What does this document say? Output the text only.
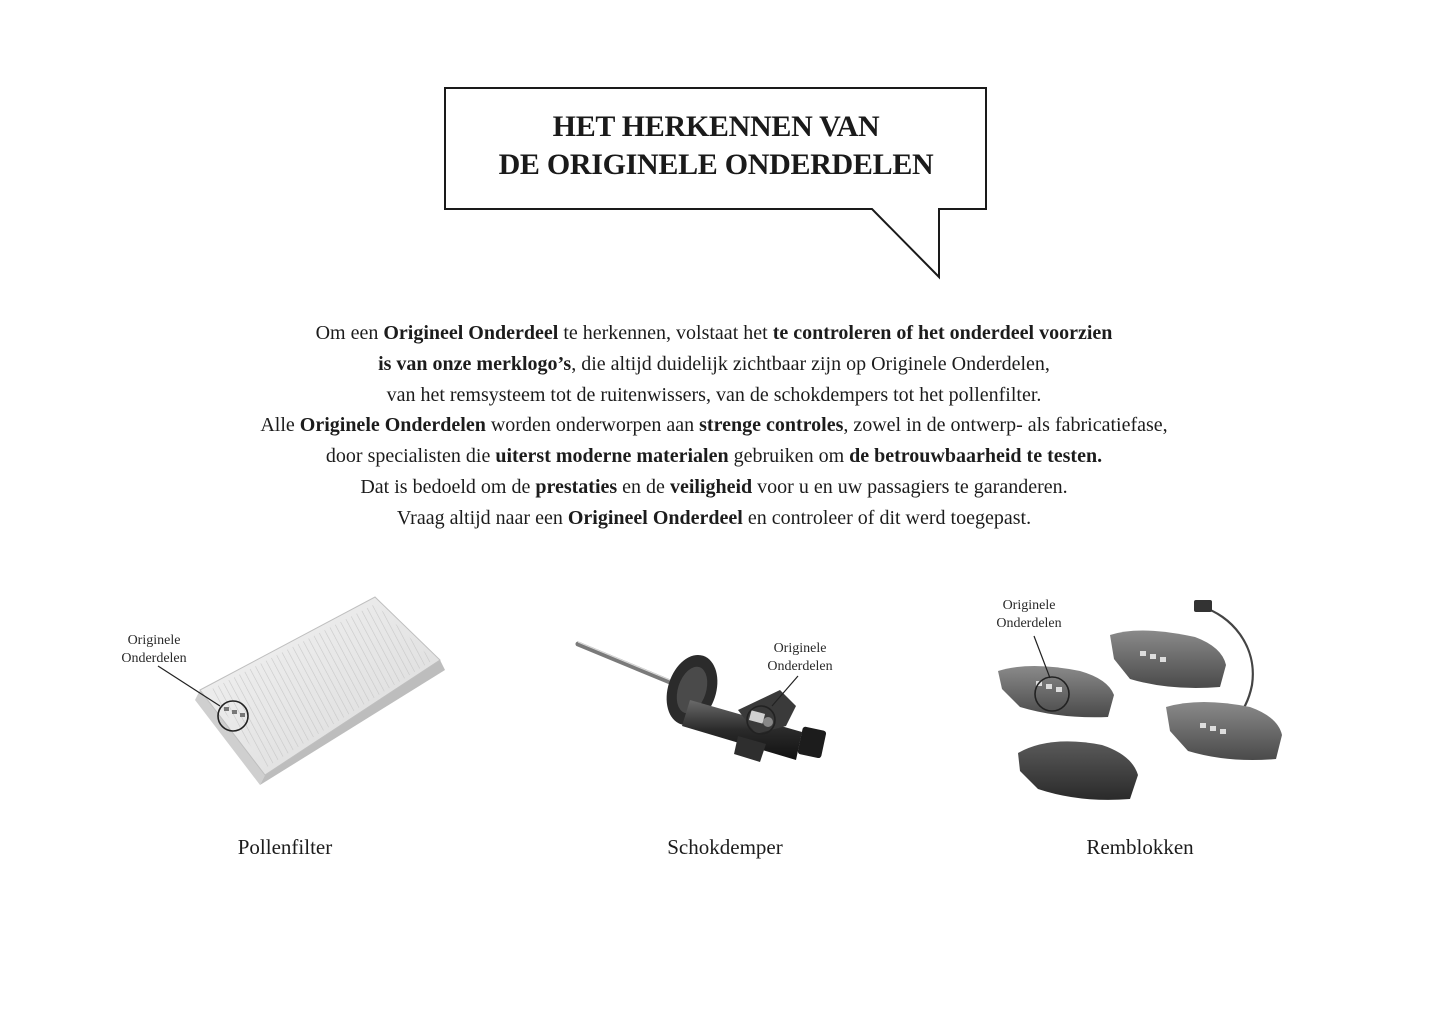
HET HERKENNEN VAN
DE ORIGINELE ONDERDELEN
Om een Origineel Onderdeel te herkennen, volstaat het te controleren of het onderdeel voorzien
is van onze merklogo’s, die altijd duidelijk zichtbaar zijn op Originele Onderdelen,
van het remsysteem tot de ruitenwissers, van de schokdempers tot het pollenfilter.
Alle Originele Onderdelen worden onderworpen aan strenge controles, zowel in de ontwerp- als fabricatiefase,
door specialisten die uiterst moderne materialen gebruiken om de betrouwbaarheid te testen.
Dat is bedoeld om de prestaties en de veiligheid voor u en uw passagiers te garanderen.
Vraag altijd naar een Origineel Onderdeel en controleer of dit werd toegepast.
Originele
Onderdelen
Pollenfilter
Originele
Onderdelen
Schokdemper
Originele
Onderdelen
Remblokken
